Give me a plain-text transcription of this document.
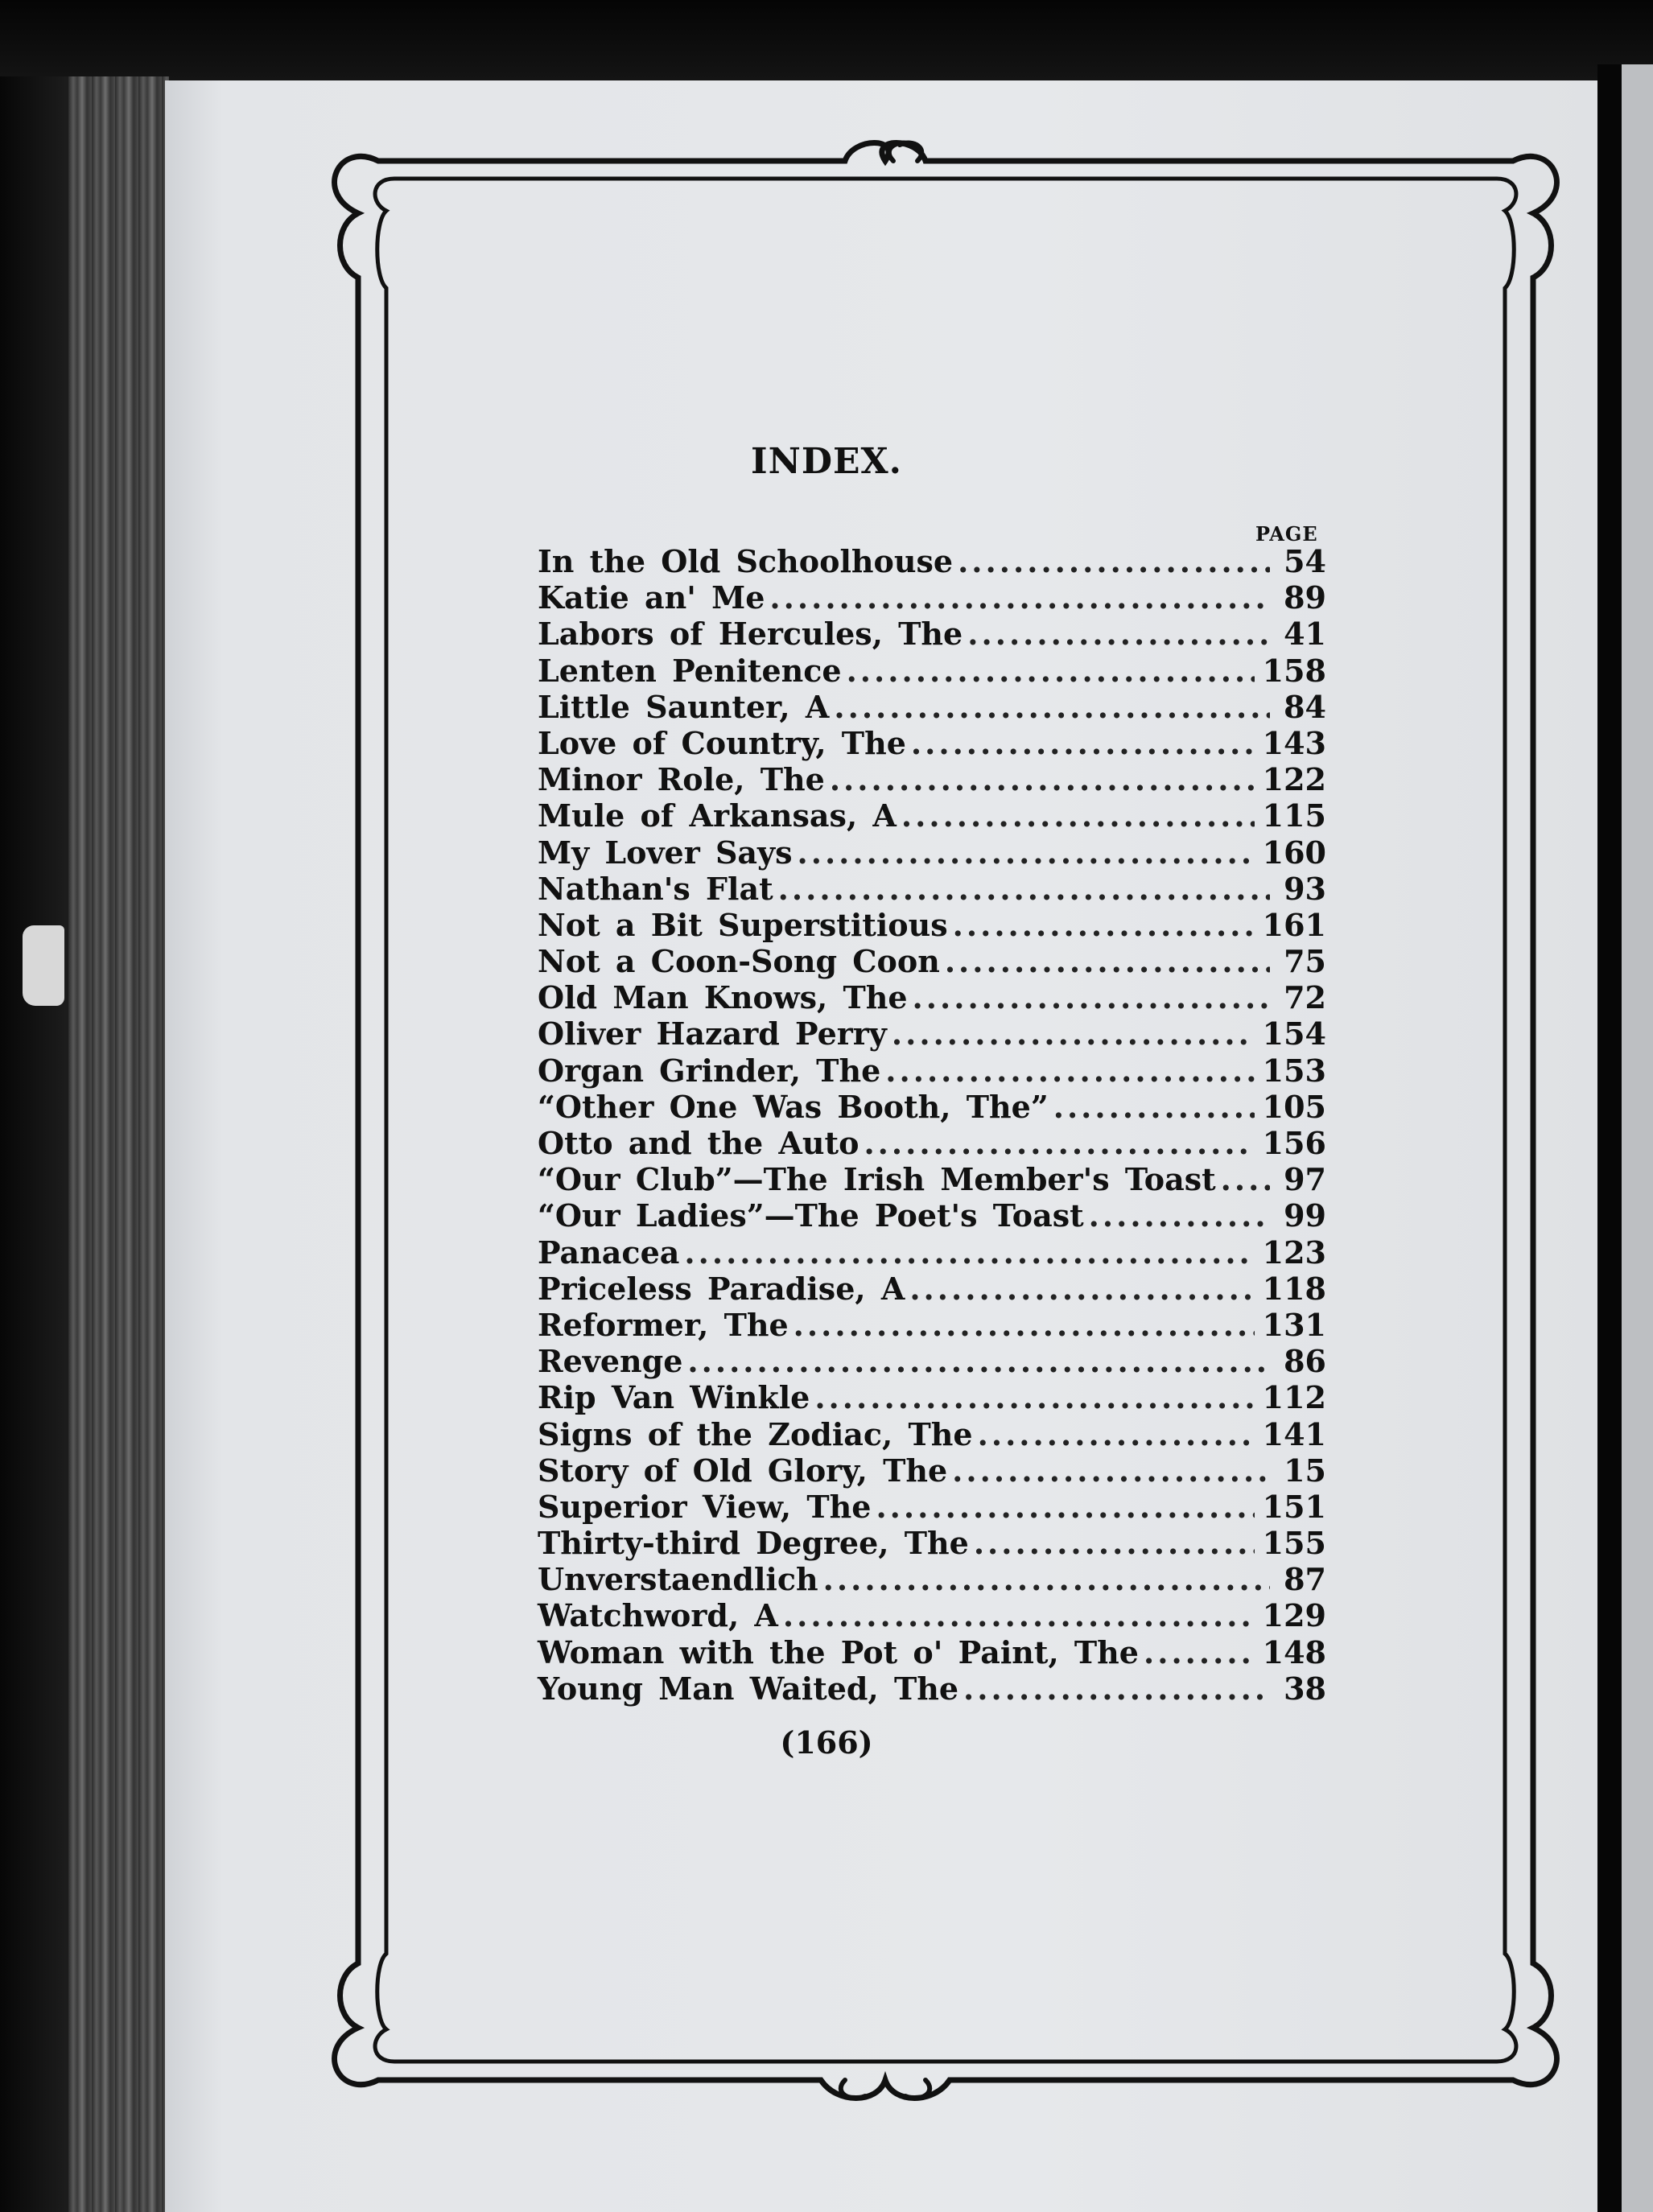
INDEX.
PAGE
In the Old Schoolhouse .....	54
Katie an' Me .....	89
Labors of Hercules, The .....	41
Lenten Penitence .....	158
Little Saunter, A .....	84
Love of Country, The .....	143
Minor Role, The .....	122
Mule of Arkansas, A .....	115
My Lover Says .....	160
Nathan's Flat .....	93
Not a Bit Superstitious .....	161
Not a Coon-Song Coon .....	75
Old Man Knows, The .....	72
Oliver Hazard Perry .....	154
Organ Grinder, The .....	153
“Other One Was Booth, The” .....	105
Otto and the Auto .....	156
“Our Club”—The Irish Member's Toast ..... 97
“Our Ladies”—The Poet's Toast .....	99
Panacea .....	123
Priceless Paradise, A .....	118
Reformer, The .....	131
Revenge .....	86
Rip Van Winkle .....	112
Signs of the Zodiac, The .....	141
Story of Old Glory, The .....	15
Superior View, The .....	151
Thirty-third Degree, The .....	155
Unverstaendlich .....	87
Watchword, A .....	129
Woman with the Pot o' Paint, The .....	148
Young Man Waited, The .....	38
(166)
